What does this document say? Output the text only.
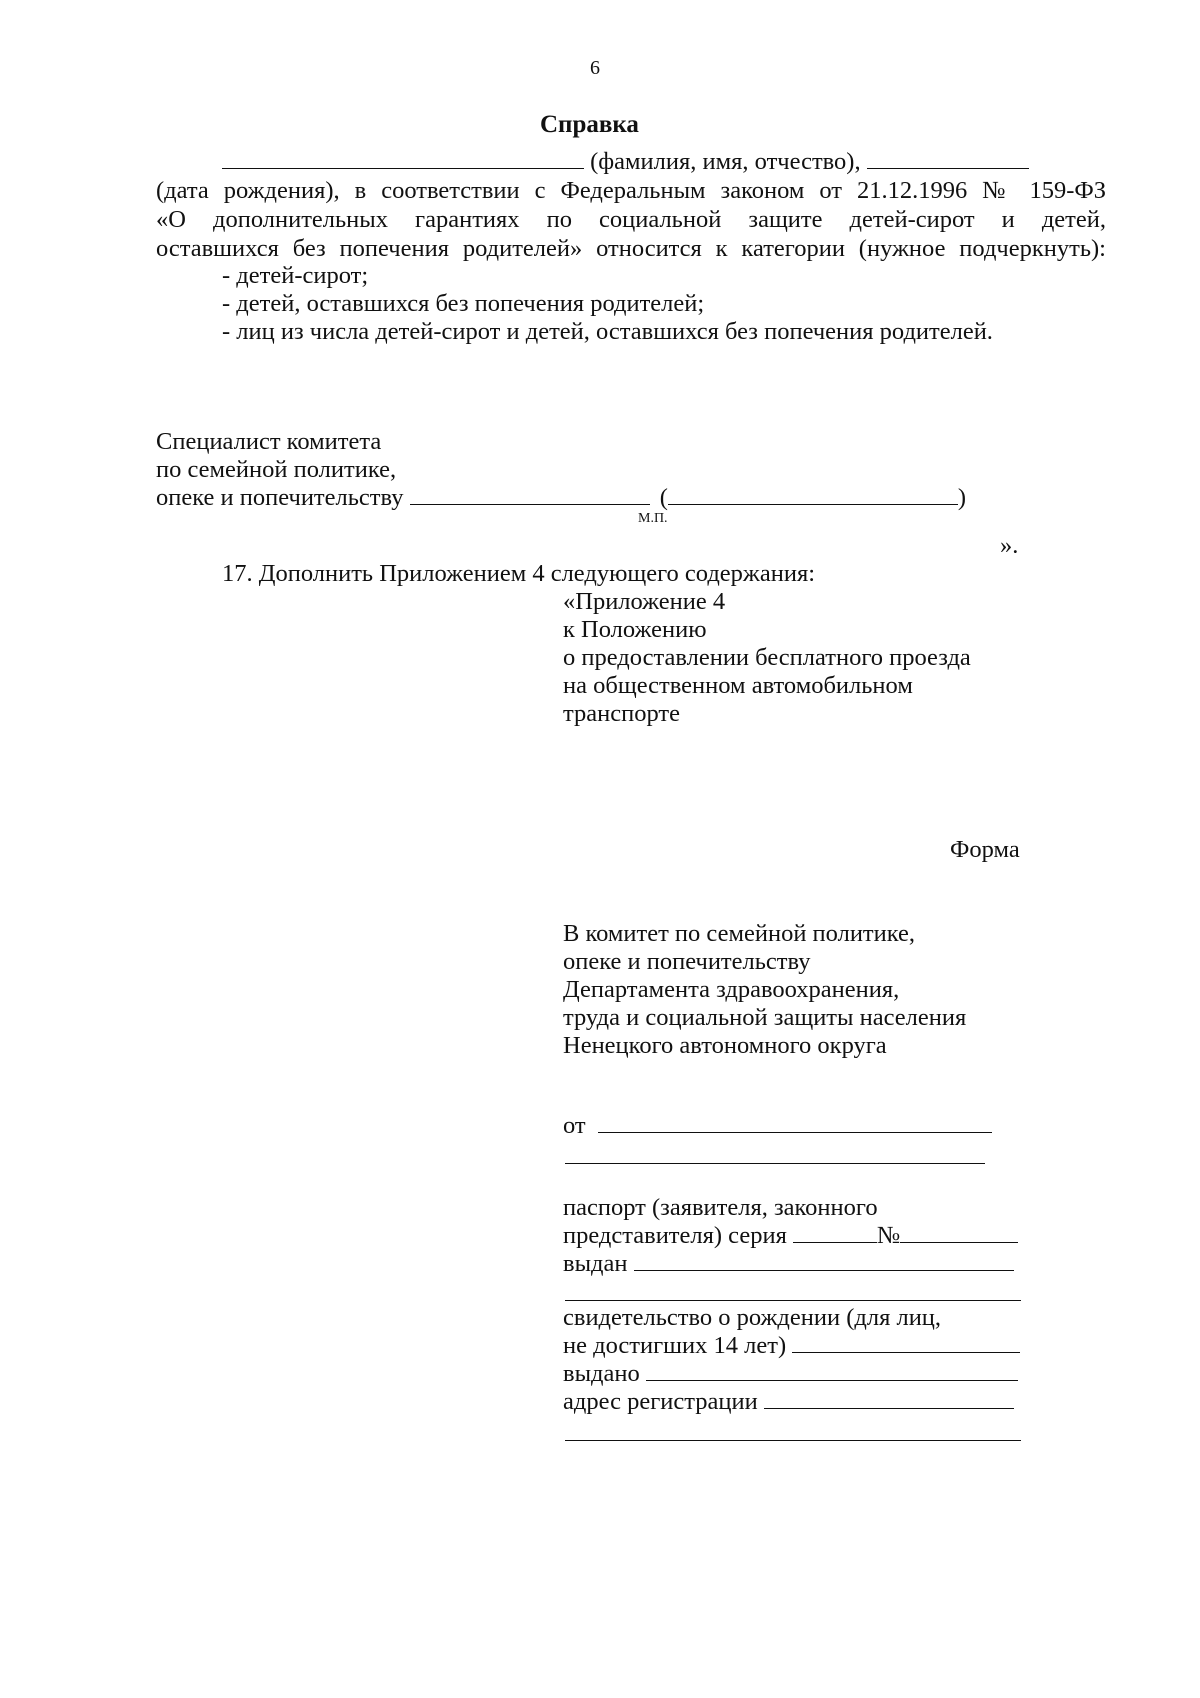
6
Справка
(фамилия, имя, отчество),
(дата рождения), в соответствии с Федеральным законом от 21.12.1996 № 159-ФЗ
«О дополнительных гарантиях по социальной защите детей-сирот и детей,
оставшихся без попечения родителей» относится к категории (нужное подчеркнуть):
- детей-сирот;
- детей, оставшихся без попечения родителей;
- лиц из числа детей-сирот и детей, оставшихся без попечения родителей.
Специалист комитета
по семейной политике,
опеке и попечительству	(	)
М.П.
».
17. Дополнить Приложением 4 следующего содержания:
«Приложение 4
к Положению
о предоставлении бесплатного проезда
на общественном автомобильном
транспорте
Форма
В комитет по семейной политике,
опеке и попечительству
Департамента здравоохранения,
труда и социальной защиты населения
Ненецкого автономного округа
от
паспорт (заявителя, законного
представителя) серия	№
выдан
свидетельство о рождении (для лиц,
не достигших 14 лет)
выдано
адрес регистрации
